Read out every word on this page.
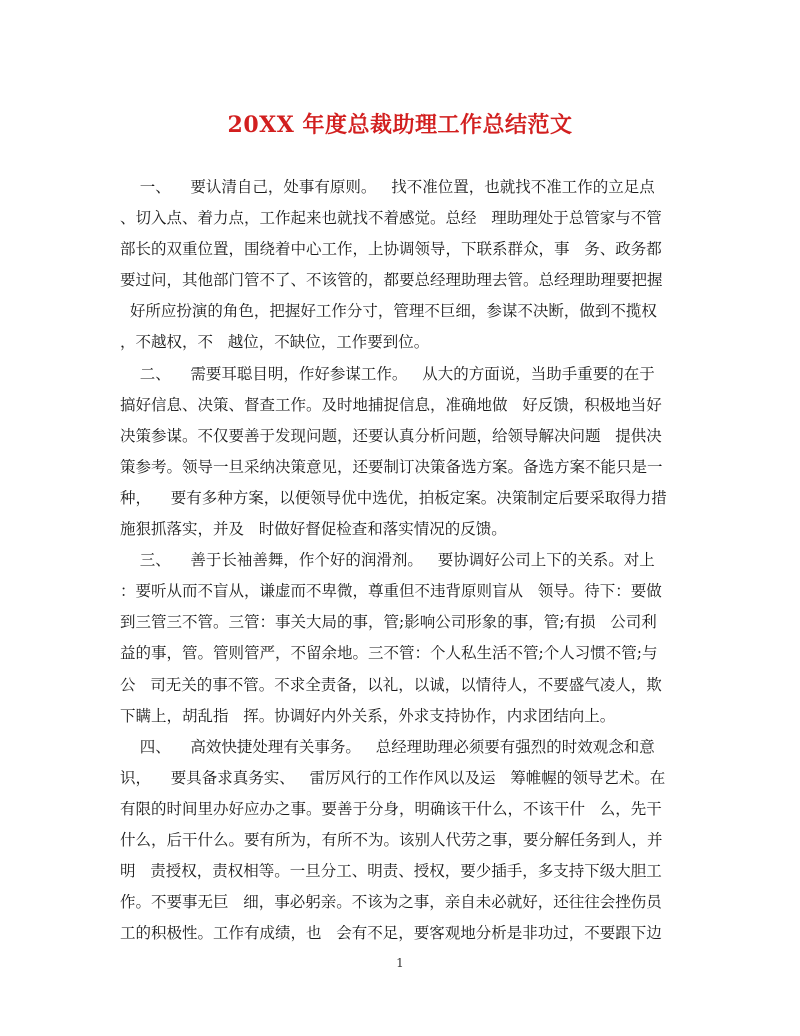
20XX 年度总裁助理工作总结范文
一、    要认清自己，处事有原则。   找不准位置，也就找不准工作的立足点
、切入点、着力点，工作起来也就找不着感觉。总经   理助理处于总管家与不管
部长的双重位置，围绕着中心工作，上协调领导，下联系群众，事   务、政务都
要过问，其他部门管不了、不该管的，都要总经理助理去管。总经理助理要把握
好所应扮演的角色，把握好工作分寸，管理不巨细，参谋不决断，做到不揽权
，不越权，不   越位，不缺位，工作要到位。
二、    需要耳聪目明，作好参谋工作。   从大的方面说，当助手重要的在于
搞好信息、决策、督查工作。及时地捕捉信息，准确地做   好反馈，积极地当好
决策参谋。不仅要善于发现问题，还要认真分析问题，给领导解决问题   提供决
策参考。领导一旦采纳决策意见，还要制订决策备选方案。备选方案不能只是一
种，    要有多种方案，以便领导优中选优，拍板定案。决策制定后要采取得力措
施狠抓落实，并及   时做好督促检查和落实情况的反馈。
三、    善于长袖善舞，作个好的润滑剂。   要协调好公司上下的关系。对上
：要听从而不盲从，谦虚而不卑微，尊重但不违背原则盲从   领导。待下：要做
到三管三不管。三管：事关大局的事，管;影响公司形象的事，管;有损   公司利
益的事，管。管则管严，不留余地。三不管：个人私生活不管;个人习惯不管;与
公   司无关的事不管。不求全责备，以礼，以诚，以情待人，不要盛气凌人，欺
下瞒上，胡乱指   挥。协调好内外关系，外求支持协作，内求团结向上。
四、    高效快捷处理有关事务。   总经理助理必须要有强烈的时效观念和意
识，    要具备求真务实、   雷厉风行的工作作风以及运   筹帷幄的领导艺术。在
有限的时间里办好应办之事。要善于分身，明确该干什么，不该干什   么，先干
什么，后干什么。要有所为，有所不为。该别人代劳之事，要分解任务到人，并
明   责授权，责权相等。一旦分工、明责、授权，要少插手，多支持下级大胆工
作。不要事无巨   细，事必躬亲。不该为之事，亲自未必就好，还往往会挫伤员
工的积极性。工作有成绩，也   会有不足，要客观地分析是非功过，不要跟下边
1
